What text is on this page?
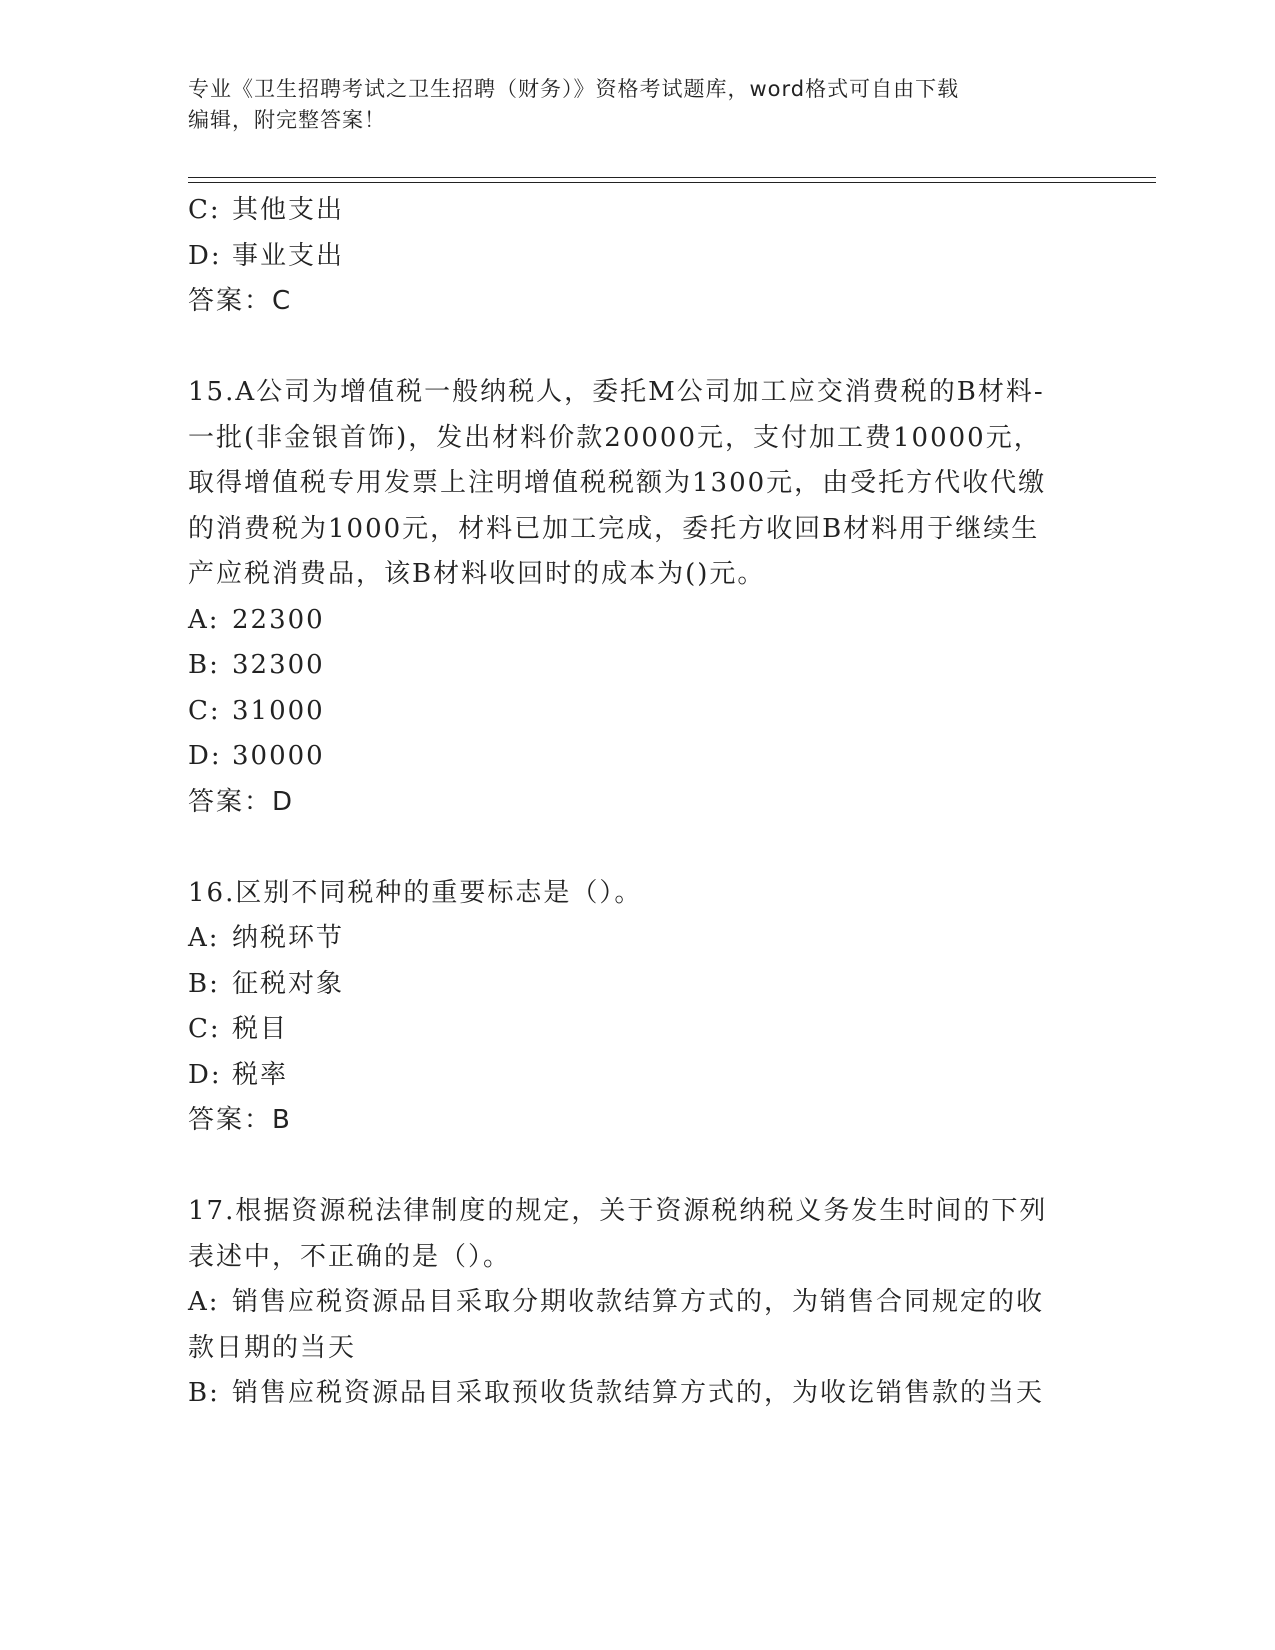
专业《卫生招聘考试之卫生招聘（财务）》资格考试题库，word格式可自由下载
编辑，附完整答案！
C: 其他支出
D: 事业支出
答案：C
15.A公司为增值税一般纳税人，委托M公司加工应交消费税的B材料-
一批(非金银首饰)，发出材料价款20000元，支付加工费10000元，
取得增值税专用发票上注明增值税税额为1300元，由受托方代收代缴
的消费税为1000元，材料已加工完成，委托方收回B材料用于继续生
产应税消费品，该B材料收回时的成本为()元。
A: 22300
B: 32300
C: 31000
D: 30000
答案：D
16.区别不同税种的重要标志是（）。
A: 纳税环节
B: 征税对象
C: 税目
D: 税率
答案：B
17.根据资源税法律制度的规定，关于资源税纳税义务发生时间的下列
表述中，不正确的是（）。
A: 销售应税资源品目采取分期收款结算方式的，为销售合同规定的收
款日期的当天
B: 销售应税资源品目采取预收货款结算方式的，为收讫销售款的当天
